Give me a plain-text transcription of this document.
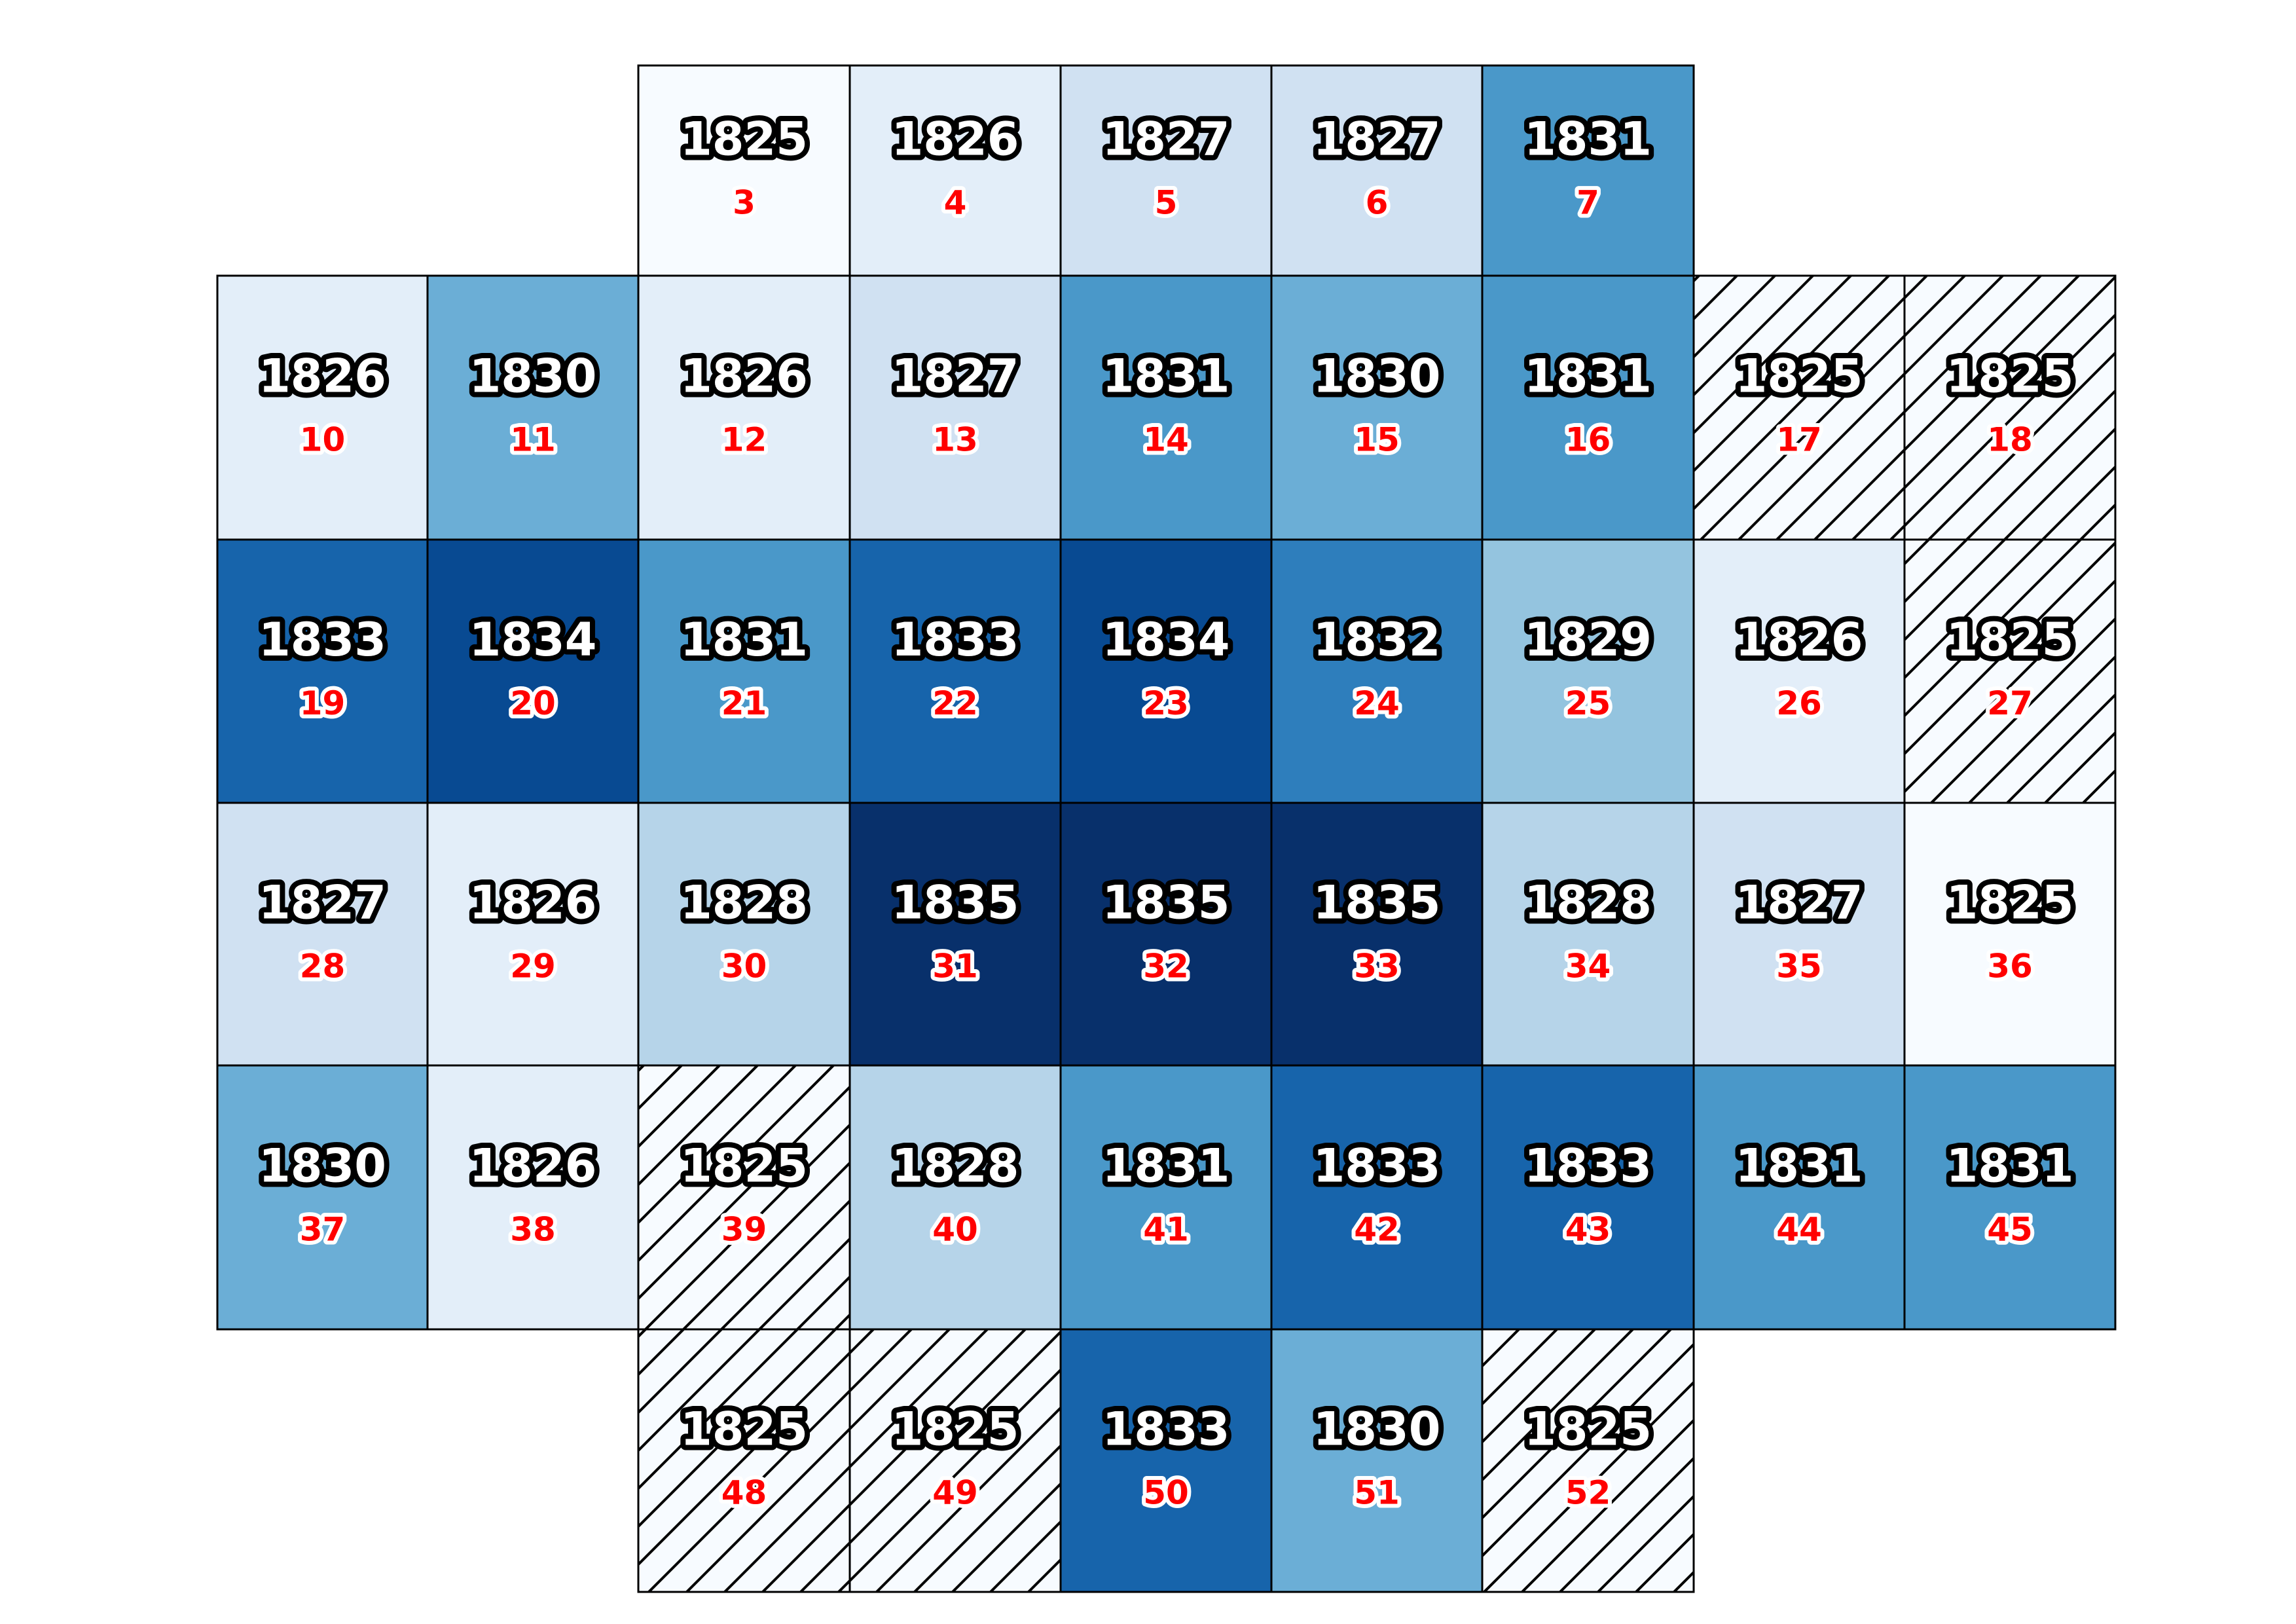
1825
3
1826
4
1827
5
1827
6
1831
7
1826
10
1830
11
1826
12
1827
13
1831
14
1830
15
1831
16
1825
17
1825
18
1833
19
1834
20
1831
21
1833
22
1834
23
1832
24
1829
25
1826
26
1825
27
1827
28
1826
29
1828
30
1835
31
1835
32
1835
33
1828
34
1827
35
1825
36
1830
37
1826
38
1825
39
1828
40
1831
41
1833
42
1833
43
1831
44
1831
45
1825
48
1825
49
1833
50
1830
51
1825
52
